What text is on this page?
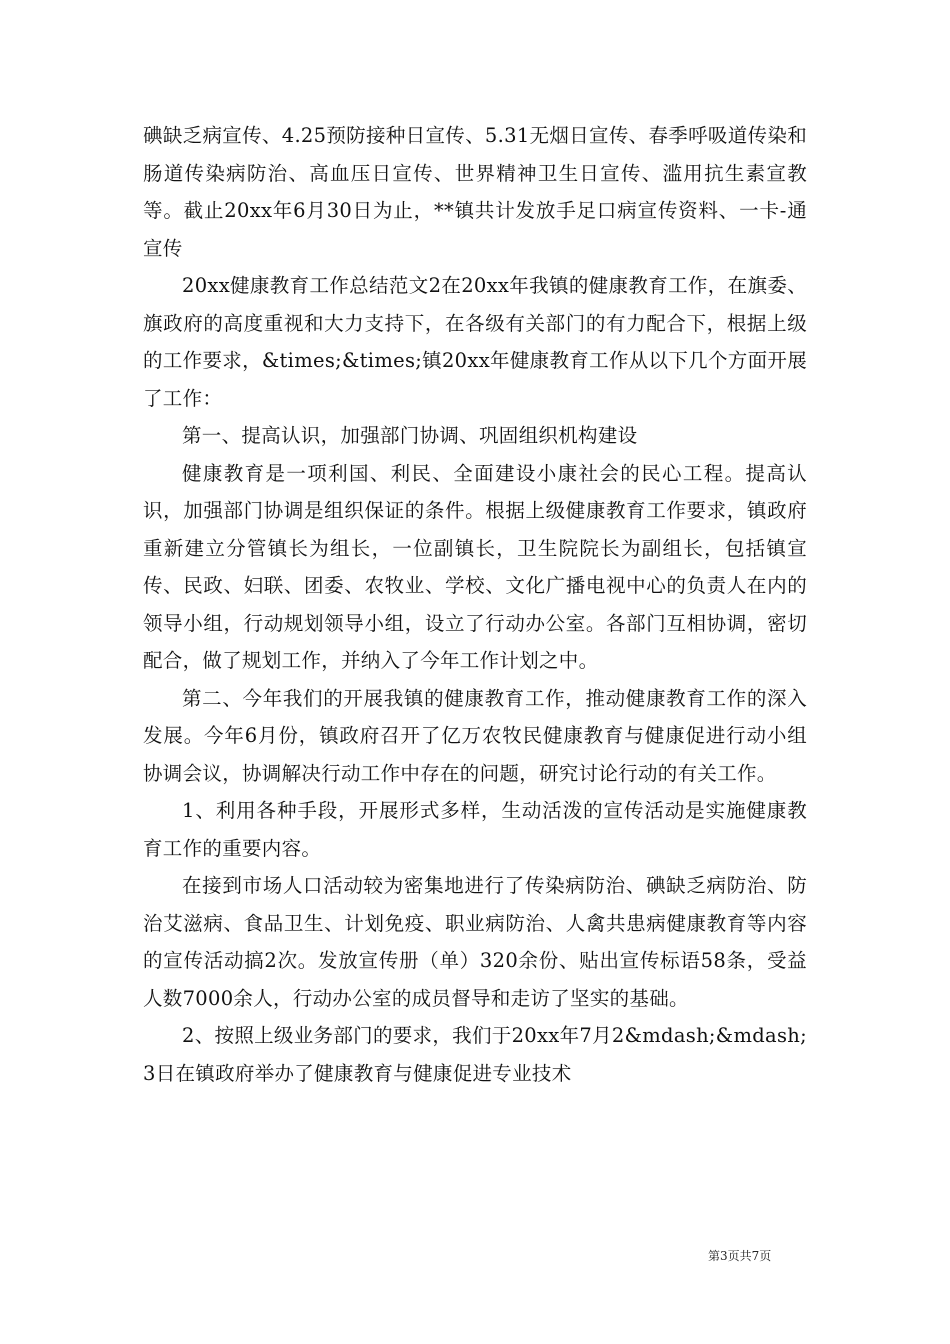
碘缺乏病宣传、4.25预防接种日宣传、5.31无烟日宣传、春季呼吸道传染和肠道传染病防治、高血压日宣传、世界精神卫生日宣传、滥用抗生素宣教等。截止20xx年6月30日为止，**镇共计发放手足口病宣传资料、一卡-通宣传

20xx健康教育工作总结范文2在20xx年我镇的健康教育工作，在旗委、旗政府的高度重视和大力支持下，在各级有关部门的有力配合下，根据上级的工作要求，&times;&times;镇20xx年健康教育工作从以下几个方面开展了工作：

第一、提高认识，加强部门协调、巩固组织机构建设

健康教育是一项利国、利民、全面建设小康社会的民心工程。提高认识，加强部门协调是组织保证的条件。根据上级健康教育工作要求，镇政府重新建立分管镇长为组长，一位副镇长，卫生院院长为副组长，包括镇宣传、民政、妇联、团委、农牧业、学校、文化广播电视中心的负责人在内的领导小组，行动规划领导小组，设立了行动办公室。各部门互相协调，密切配合，做了规划工作，并纳入了今年工作计划之中。

第二、今年我们的开展我镇的健康教育工作，推动健康教育工作的深入发展。今年6月份，镇政府召开了亿万农牧民健康教育与健康促进行动小组协调会议，协调解决行动工作中存在的问题，研究讨论行动的有关工作。

1、利用各种手段，开展形式多样，生动活泼的宣传活动是实施健康教育工作的重要内容。

在接到市场人口活动较为密集地进行了传染病防治、碘缺乏病防治、防治艾滋病、食品卫生、计划免疫、职业病防治、人禽共患病健康教育等内容的宣传活动搞2次。发放宣传册（单）320余份、贴出宣传标语58条，受益人数7000余人，行动办公室的成员督导和走访了坚实的基础。

2、按照上级业务部门的要求，我们于20xx年7月2&mdash;&mdash;3日在镇政府举办了健康教育与健康促进专业技术

第3页共7页
